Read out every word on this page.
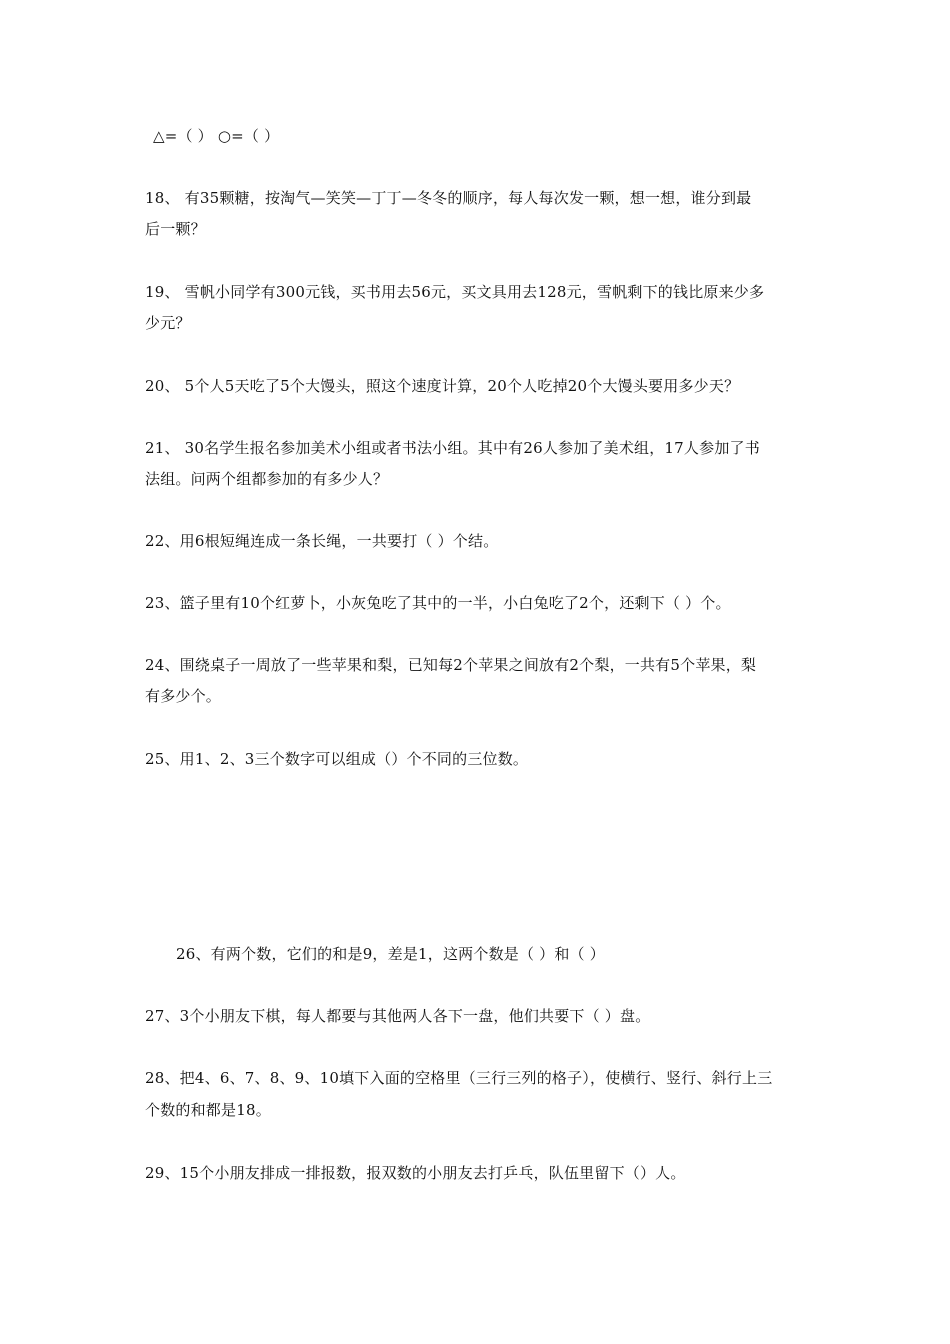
△=（ ） ○=（ ）
18、 有35颗糖，按淘气—笑笑—丁丁—冬冬的顺序，每人每次发一颗，想一想，谁分到最
后一颗？
19、 雪帆小同学有300元钱，买书用去56元，买文具用去128元，雪帆剩下的钱比原来少多
少元？
20、 5个人5天吃了5个大馒头，照这个速度计算，20个人吃掉20个大馒头要用多少天？
21、 30名学生报名参加美术小组或者书法小组。其中有26人参加了美术组，17人参加了书
法组。问两个组都参加的有多少人？
22、用6根短绳连成一条长绳，一共要打（ ）个结。
23、篮子里有10个红萝卜，小灰兔吃了其中的一半，小白兔吃了2个，还剩下（ ）个。
24、围绕桌子一周放了一些苹果和梨，已知每2个苹果之间放有2个梨，一共有5个苹果，梨
有多少个。
25、用1、2、3三个数字可以组成（）个不同的三位数。
26、有两个数，它们的和是9，差是1，这两个数是（ ）和（ ）
27、3个小朋友下棋，每人都要与其他两人各下一盘，他们共要下（ ）盘。
28、把4、6、7、8、9、10填下入面的空格里（三行三列的格子），使横行、竖行、斜行上三
个数的和都是18。
29、15个小朋友排成一排报数，报双数的小朋友去打乒乓，队伍里留下（）人。
